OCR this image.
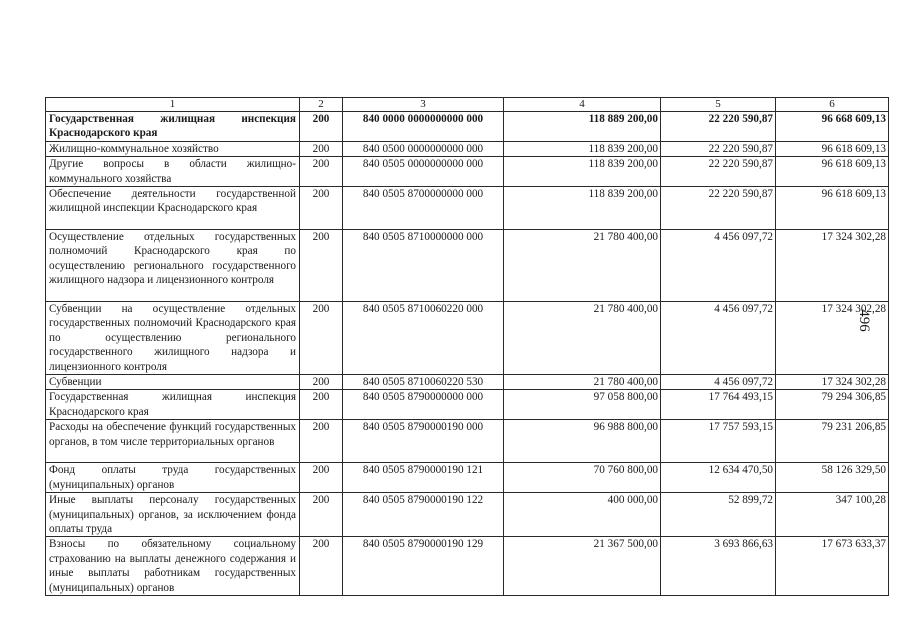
1	2	3	4	5	6
Государственная жилищная инспекция Краснодарского края	200	840 0000 0000000000 000	118 889 200,00	22 220 590,87	96 668 609,13
Жилищно-коммунальное хозяйство	200	840 0500 0000000000 000	118 839 200,00	22 220 590,87	96 618 609,13
Другие вопросы в области жилищно-коммунального хозяйства	200	840 0505 0000000000 000	118 839 200,00	22 220 590,87	96 618 609,13
Обеспечение деятельности государственной жилищной инспекции Краснодарского края	200	840 0505 8700000000 000	118 839 200,00	22 220 590,87	96 618 609,13
Осуществление отдельных государственных полномочий Краснодарского края по осуществлению регионального государственного жилищного надзора и лицензионного контроля	200	840 0505 8710000000 000	21 780 400,00	4 456 097,72	17 324 302,28
Субвенции на осуществление отдельных государственных полномочий Краснодарского края по осуществлению регионального государственного жилищного надзора и лицензионного контроля	200	840 0505 8710060220 000	21 780 400,00	4 456 097,72	17 324 302,28
Субвенции	200	840 0505 8710060220 530	21 780 400,00	4 456 097,72	17 324 302,28
Государственная жилищная инспекция Краснодарского края	200	840 0505 8790000000 000	97 058 800,00	17 764 493,15	79 294 306,85
Расходы на обеспечение функций государственных органов, в том числе территориальных органов	200	840 0505 8790000190 000	96 988 800,00	17 757 593,15	79 231 206,85
Фонд оплаты труда государственных (муниципальных) органов	200	840 0505 8790000190 121	70 760 800,00	12 634 470,50	58 126 329,50
Иные выплаты персоналу государственных (муниципальных) органов, за исключением фонда оплаты труда	200	840 0505 8790000190 122	400 000,00	52 899,72	347 100,28
Взносы по обязательному социальному страхованию на выплаты денежного содержания и иные выплаты работникам государственных (муниципальных) органов	200	840 0505 8790000190 129	21 367 500,00	3 693 866,63	17 673 633,37
496
